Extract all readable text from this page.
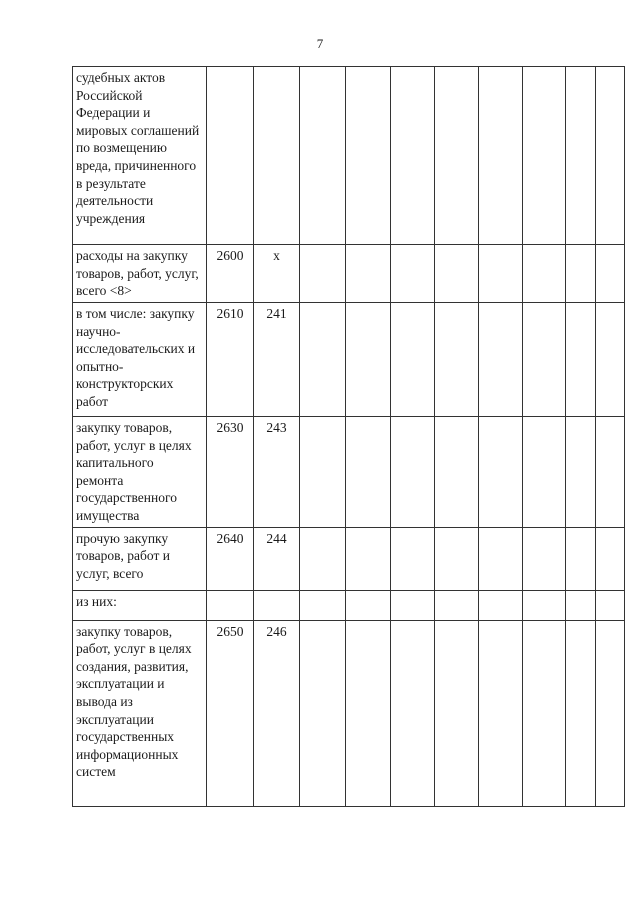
7
судебных актов Российской Федерации и мировых соглашений по возмещению вреда, причиненного в результате деятельности учреждения										
расходы на закупку товаров, работ, услуг, всего <8>	2600	х								
в том числе: закупку научно-исследовательских и опытно-конструкторских работ	2610	241								
закупку товаров, работ, услуг в целях капитального ремонта государственного имущества	2630	243								
прочую закупку товаров, работ и услуг, всего	2640	244								
из них:										
закупку товаров, работ, услуг в целях создания, развития, эксплуатации и вывода из эксплуатации государственных информационных систем	2650	246								
